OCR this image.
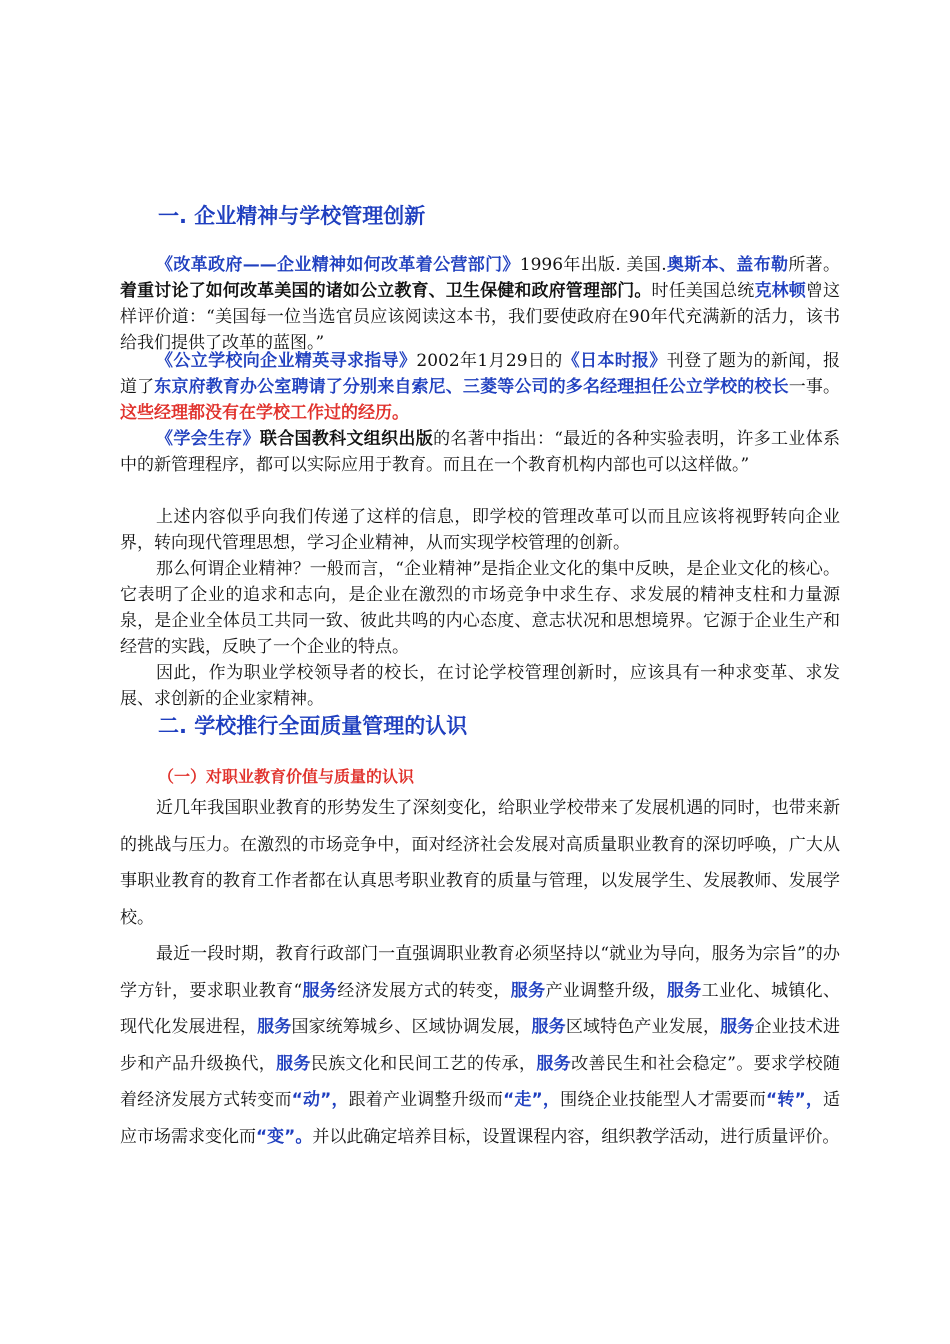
一. 企业精神与学校管理创新
《改革政府——企业精神如何改革着公营部门》1996年出版. 美国.奥斯本、盖布勒所著。着重讨论了如何改革美国的诸如公立教育、卫生保健和政府管理部门。时任美国总统克林顿曾这样评价道：“美国每一位当选官员应该阅读这本书，我们要使政府在90年代充满新的活力，该书给我们提供了改革的蓝图。”
《公立学校向企业精英寻求指导》2002年1月29日的《日本时报》刊登了题为的新闻，报道了东京府教育办公室聘请了分别来自索尼、三菱等公司的多名经理担任公立学校的校长一事。这些经理都没有在学校工作过的经历。
《学会生存》联合国教科文组织出版的名著中指出：“最近的各种实验表明，许多工业体系中的新管理程序，都可以实际应用于教育。而且在一个教育机构内部也可以这样做。”
上述内容似乎向我们传递了这样的信息，即学校的管理改革可以而且应该将视野转向企业界，转向现代管理思想，学习企业精神，从而实现学校管理的创新。
那么何谓企业精神？一般而言，“企业精神”是指企业文化的集中反映，是企业文化的核心。它表明了企业的追求和志向，是企业在激烈的市场竞争中求生存、求发展的精神支柱和力量源泉，是企业全体员工共同一致、彼此共鸣的内心态度、意志状况和思想境界。它源于企业生产和经营的实践，反映了一个企业的特点。
因此，作为职业学校领导者的校长，在讨论学校管理创新时，应该具有一种求变革、求发展、求创新的企业家精神。
二. 学校推行全面质量管理的认识
（一）对职业教育价值与质量的认识
近几年我国职业教育的形势发生了深刻变化，给职业学校带来了发展机遇的同时，也带来新的挑战与压力。在激烈的市场竞争中，面对经济社会发展对高质量职业教育的深切呼唤，广大从事职业教育的教育工作者都在认真思考职业教育的质量与管理，以发展学生、发展教师、发展学校。
最近一段时期，教育行政部门一直强调职业教育必须坚持以“就业为导向，服务为宗旨”的办学方针，要求职业教育“服务经济发展方式的转变，服务产业调整升级，服务工业化、城镇化、现代化发展进程，服务国家统筹城乡、区域协调发展，服务区域特色产业发展，服务企业技术进步和产品升级换代，服务民族文化和民间工艺的传承，服务改善民生和社会稳定”。要求学校随着经济发展方式转变而“动”，跟着产业调整升级而“走”，围绕企业技能型人才需要而“转”，适应市场需求变化而“变”。并以此确定培养目标，设置课程内容，组织教学活动，进行质量评价。
